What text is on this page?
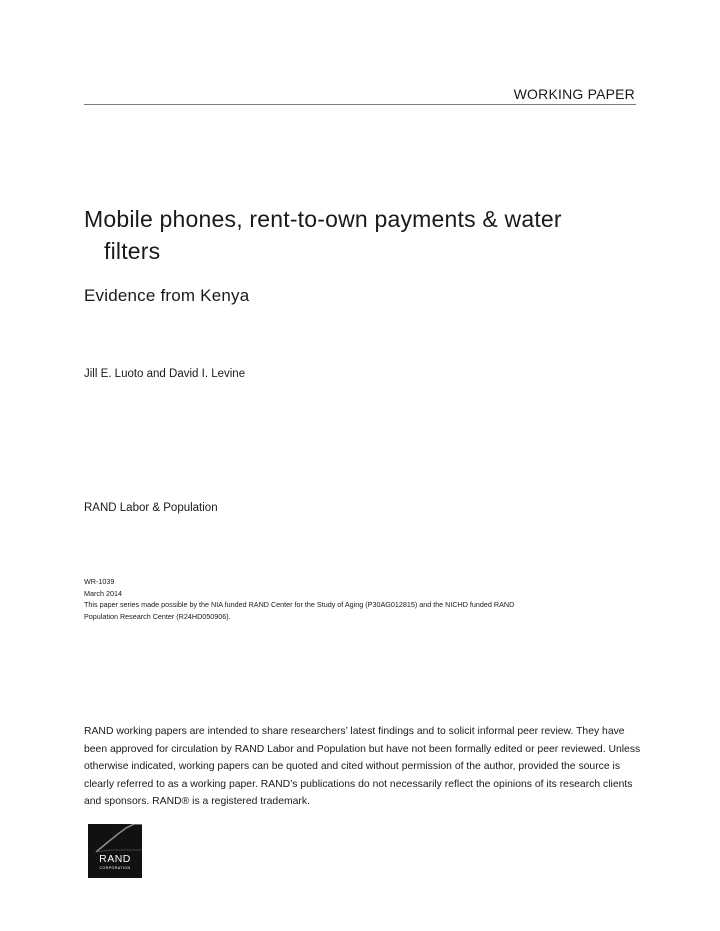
WORKING PAPER
Mobile phones, rent-to-own payments & water
filters
Evidence from Kenya
Jill E. Luoto and David I. Levine
RAND Labor & Population
WR-1039
March 2014
This paper series made possible by the NIA funded RAND Center for the Study of Aging (P30AG012815) and the NICHD funded RAND
Population Research Center (R24HD050906).

RAND working papers are intended to share researchers’ latest findings and to solicit informal peer review. They have been approved for circulation by RAND Labor and Population but have not been formally edited or peer reviewed. Unless otherwise indicated, working papers can be quoted and cited without permission of the author, provided the source is clearly referred to as a working paper. RAND’s publications do not necessarily reflect the opinions of its research clients and sponsors. RAND® is a registered trademark.

RAND
CORPORATION
